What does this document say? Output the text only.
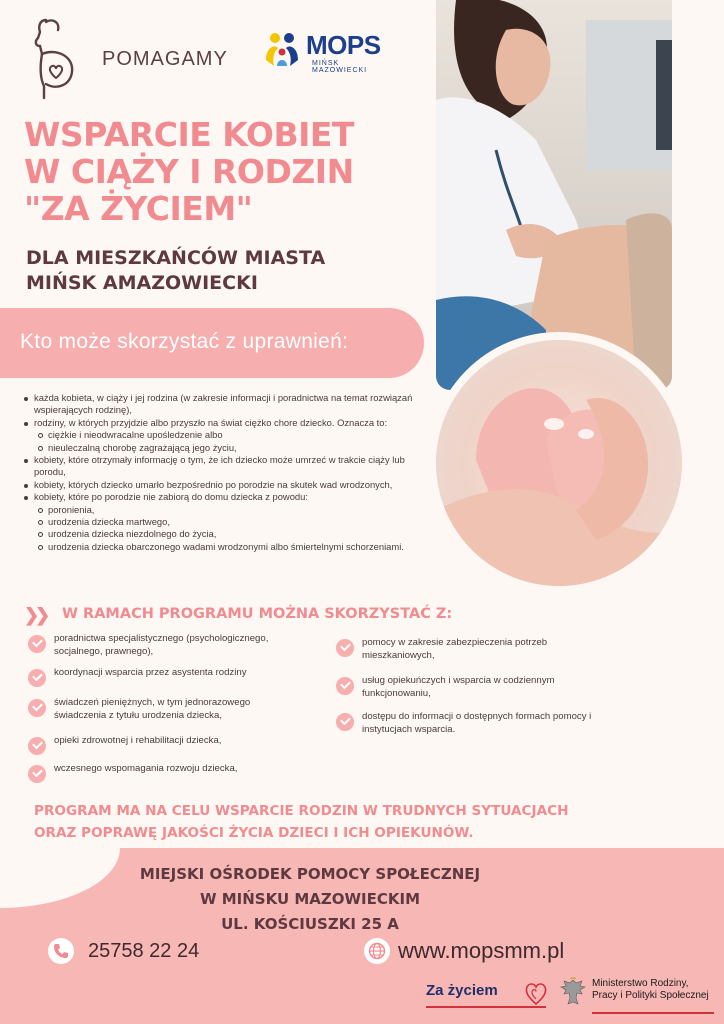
POMAGAMY	MOPS
MIŃSK MAZOWIECKI
WSPARCIE KOBIET
W CIĄŻY I RODZIN
"ZA ŻYCIEM"
DLA MIESZKAŃCÓW MIASTA
MIŃSK AMAZOWIECKI
Kto może skorzystać z uprawnień:
każda kobieta, w ciąży i jej rodzina (w zakresie informacji i poradnictwa na temat rozwiązań wspierających rodzinę),
rodziny, w których przyjdzie albo przyszło na świat ciężko chore dziecko. Oznacza to:
ciężkie i nieodwracalne upośledzenie albo
nieuleczalną chorobę zagrażającą jego życiu,
kobiety, które otrzymały informację o tym, że ich dziecko może umrzeć w trakcie ciąży lub porodu,
kobiety, których dziecko umarło bezpośrednio po porodzie na skutek wad wrodzonych,
kobiety, które po porodzie nie zabiorą do domu dziecka z powodu:
poronienia,
urodzenia dziecka martwego,
urodzenia dziecka niezdolnego do życia,
urodzenia dziecka obarczonego wadami wrodzonymi albo śmiertelnymi schorzeniami.
❯❯ W RAMACH PROGRAMU MOŻNA SKORZYSTAĆ Z:
poradnictwa specjalistycznego (psychologicznego, socjalnego, prawnego),
koordynacji wsparcia przez asystenta rodziny
świadczeń pieniężnych, w tym jednorazowego świadczenia z tytułu urodzenia dziecka,
opieki zdrowotnej i rehabilitacji dziecka,
wczesnego wspomagania rozwoju dziecka,
pomocy w zakresie zabezpieczenia potrzeb mieszkaniowych,
usług opiekuńczych i wsparcia w codziennym funkcjonowaniu,
dostępu do informacji o dostępnych formach pomocy i instytucjach wsparcia.
PROGRAM MA NA CELU WSPARCIE RODZIN W TRUDNYCH SYTUACJACH
ORAZ POPRAWĘ JAKOŚCI ŻYCIA DZIECI I ICH OPIEKUNÓW.
MIEJSKI OŚRODEK POMOCY SPOŁECZNEJ
W MIŃSKU MAZOWIECKIM
UL. KOŚCIUSZKI 25 A
25758 22 24	www.mopsmm.pl
Za życiem	Ministerstwo Rodziny,
Pracy i Polityki Społecznej
